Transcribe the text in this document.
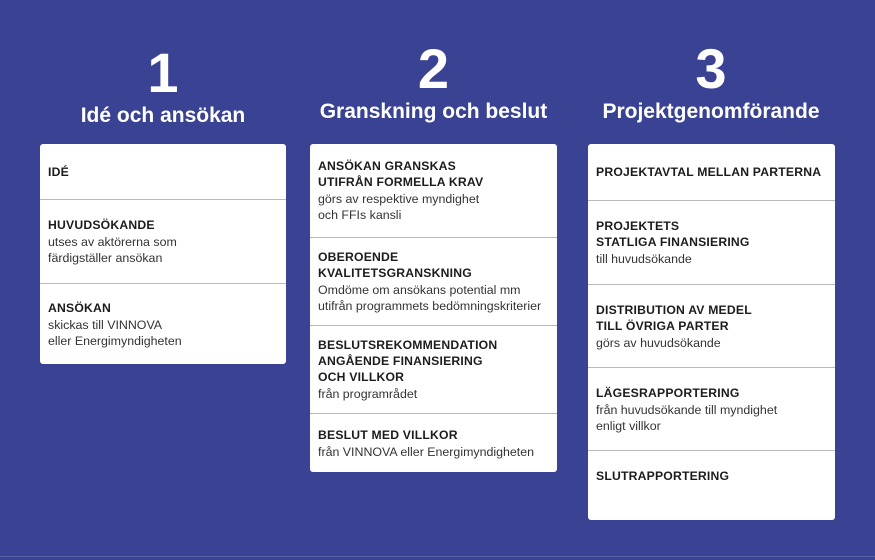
1
Idé och ansökan
IDÉ
HUVUDSÖKANDE
utses av aktörerna som
färdigställer ansökan
ANSÖKAN
skickas till VINNOVA
eller Energimyndigheten
2
Granskning och beslut
ANSÖKAN GRANSKAS
UTIFRÅN FORMELLA KRAV
görs av respektive myndighet
och FFIs kansli
OBEROENDE
KVALITETSGRANSKNING
Omdöme om ansökans potential mm
utifrån programmets bedömningskriterier
BESLUTSREKOMMENDATION
ANGÅENDE FINANSIERING
OCH VILLKOR
från programrådet
BESLUT MED VILLKOR
från VINNOVA eller Energimyndigheten
3
Projektgenomförande
PROJEKTAVTAL MELLAN PARTERNA
PROJEKTETS
STATLIGA FINANSIERING
till huvudsökande
DISTRIBUTION AV MEDEL
TILL ÖVRIGA PARTER
görs av huvudsökande
LÄGESRAPPORTERING
från huvudsökande till myndighet
enligt villkor
SLUTRAPPORTERING
